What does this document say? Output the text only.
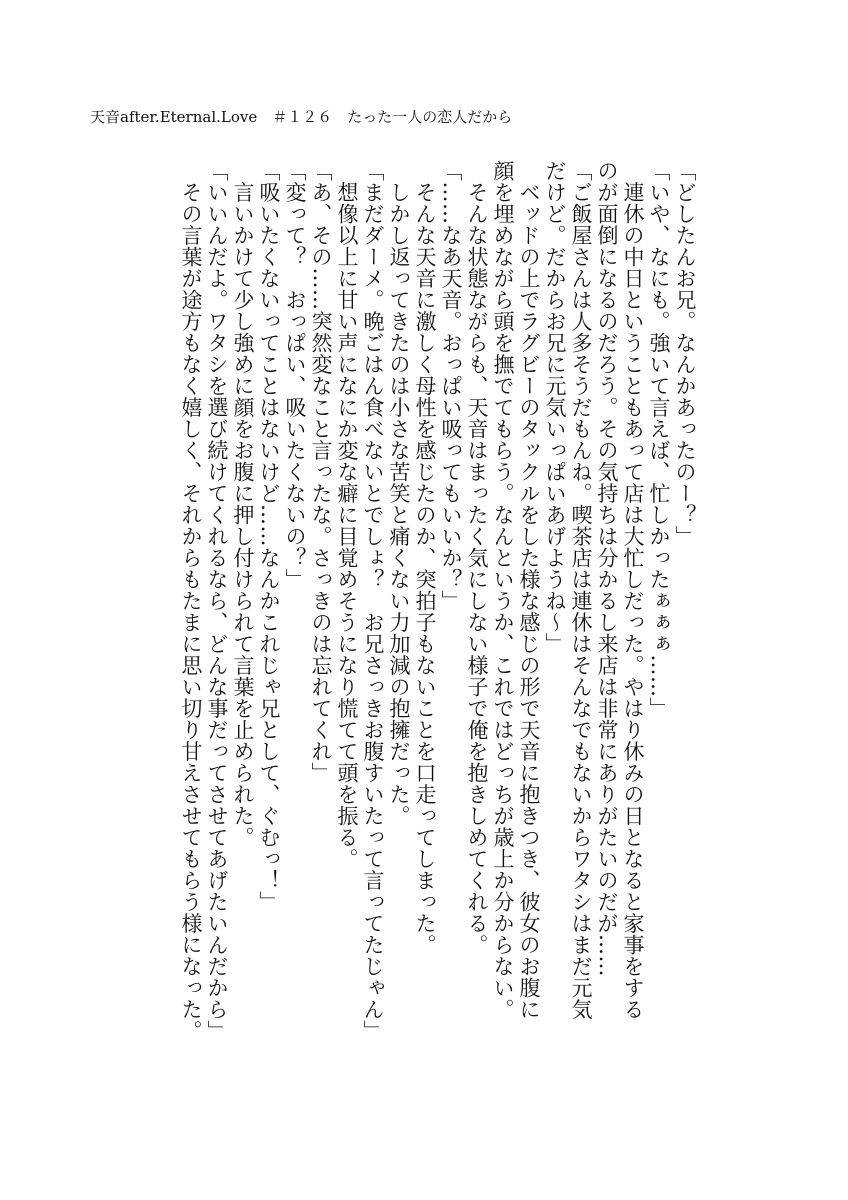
天音after.Eternal.Love　＃１２６　たった一人の恋人だから

「どしたんお兄。なんかあったのー？」

「いや、なにも。強いて言えば、忙しかったぁぁぁ……」

　連休の中日ということもあって店は大忙しだった。やはり休みの日となると家事をする

のが面倒になるのだろう。その気持ちは分かるし来店は非常にありがたいのだが……

「ご飯屋さんは人多そうだもんね。喫茶店は連休はそんなでもないからワタシはまだ元気

だけど。だからお兄に元気いっぱいあげようね〜」

　ベッドの上でラグビーのタックルをした様な感じの形で天音に抱きつき、彼女のお腹に

顔を埋めながら頭を撫でてもらう。なんというか、これではどっちが歳上か分からない。

　そんな状態ながらも、天音はまったく気にしない様子で俺を抱きしめてくれる。

「……なあ天音。おっぱい吸ってもいいか？」

　そんな天音に激しく母性を感じたのか、突拍子もないことを口走ってしまった。

　しかし返ってきたのは小さな苦笑と痛くない力加減の抱擁だった。

「まだダーメ。晩ごはん食べないとでしょ？　お兄さっきお腹すいたって言ってたじゃん」

　想像以上に甘い声になにか変な癖に目覚めそうになり慌てて頭を振る。

「あ、その……突然変なこと言ったな。さっきのは忘れてくれ」

「変って？　おっぱい、吸いたくないの？」

「吸いたくないってことはないけど……なんかこれじゃ兄として、ぐむっ！」

　言いかけて少し強めに顔をお腹に押し付けられて言葉を止められた。

「いいんだよ。ワタシを選び続けてくれるなら、どんな事だってさせてあげたいんだから」

　その言葉が途方もなく嬉しく、それからもたまに思い切り甘えさせてもらう様になった。
